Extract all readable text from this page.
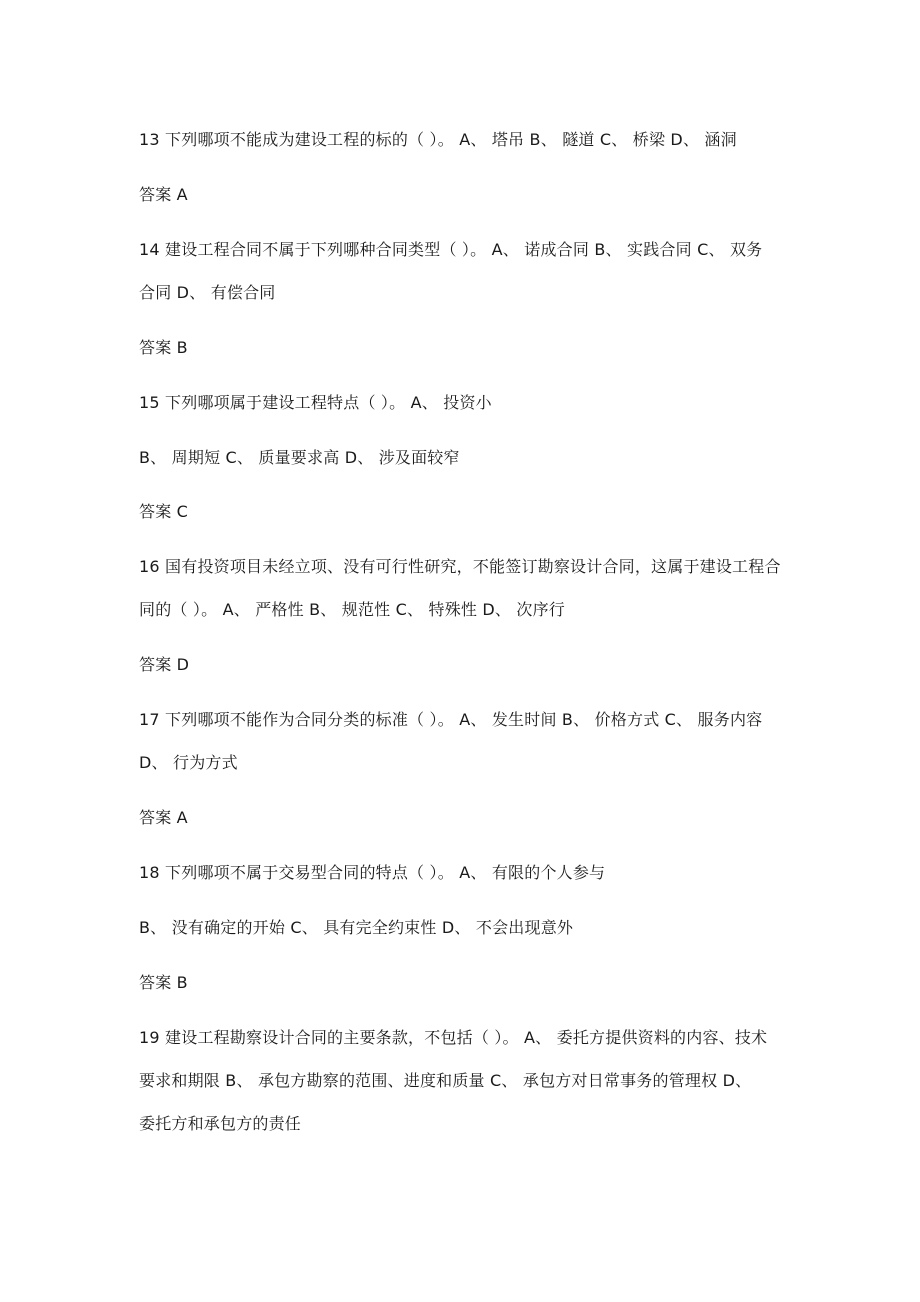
13 下列哪项不能成为建设工程的标的（ ）。 A、 塔吊 B、 隧道 C、 桥梁 D、 涵洞
答案 A
14 建设工程合同不属于下列哪种合同类型（ ）。 A、 诺成合同 B、 实践合同 C、 双务
合同 D、 有偿合同
答案 B
15 下列哪项属于建设工程特点（ ）。 A、 投资小
B、 周期短 C、 质量要求高 D、 涉及面较窄
答案 C
16 国有投资项目未经立项、没有可行性研究，不能签订勘察设计合同，这属于建设工程合
同的（ ）。 A、 严格性 B、 规范性 C、 特殊性 D、 次序行
答案 D
17 下列哪项不能作为合同分类的标准（ ）。 A、 发生时间 B、 价格方式 C、 服务内容
D、 行为方式
答案 A
18 下列哪项不属于交易型合同的特点（ ）。 A、 有限的个人参与
B、 没有确定的开始 C、 具有完全约束性 D、 不会出现意外
答案 B
19 建设工程勘察设计合同的主要条款，不包括（ ）。 A、 委托方提供资料的内容、技术
要求和期限 B、 承包方勘察的范围、进度和质量 C、 承包方对日常事务的管理权 D、
委托方和承包方的责任
